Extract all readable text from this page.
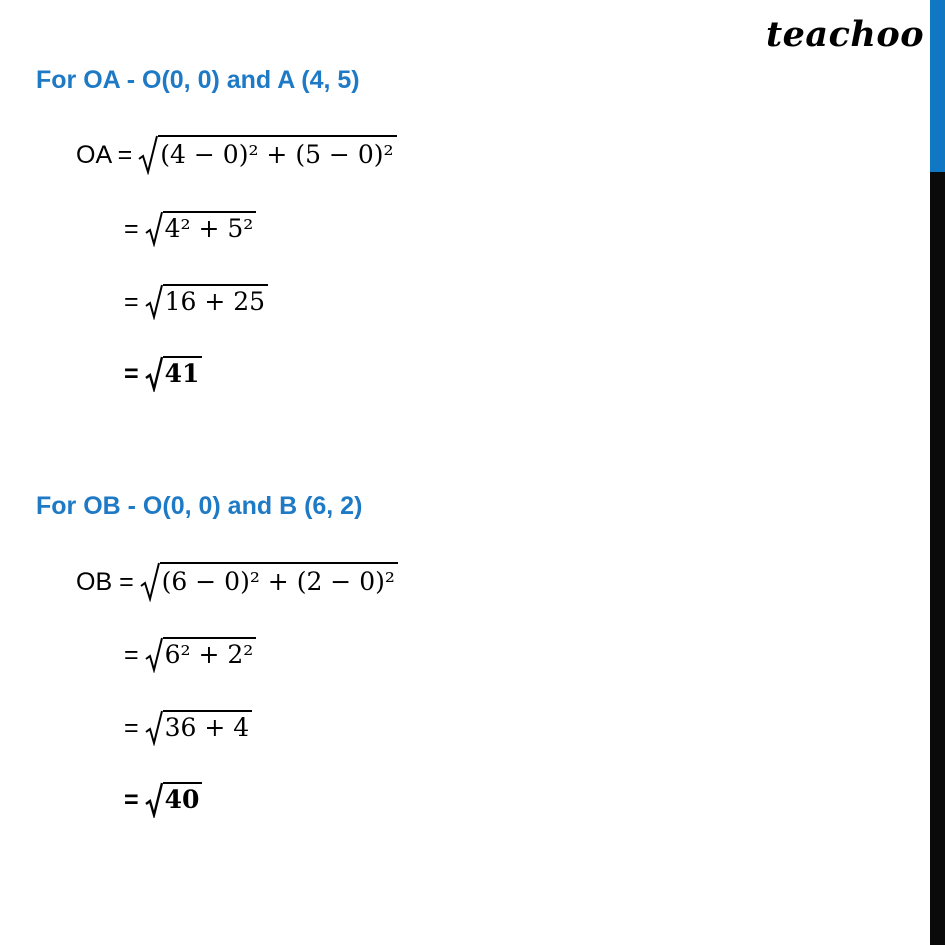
teachoo
For OA - O(0, 0) and A (4, 5)
OA = (4 − 0)² + (5 − 0)²
= 4² + 5²
= 16 + 25
= 41
For OB - O(0, 0) and B (6, 2)
OB = (6 − 0)² + (2 − 0)²
= 6² + 2²
= 36 + 4
= 40
